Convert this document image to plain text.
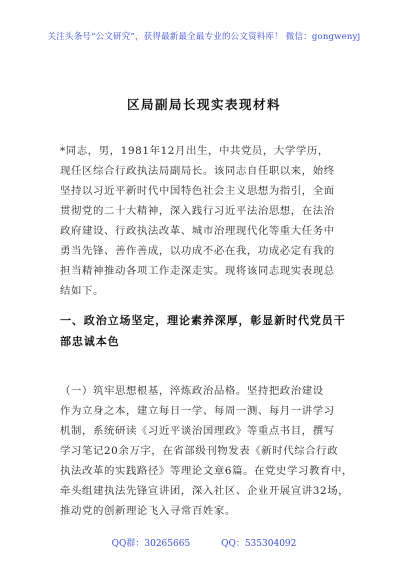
关注头条号“公文研究”，获得最新最全最专业的公文资料库！ 微信：gongwenyj
区局副局长现实表现材料
*同志，男，1981年12月出生，中共党员，大学学历，
现任区综合行政执法局副局长。该同志自任职以来，始终
坚持以习近平新时代中国特色社会主义思想为指引，全面
贯彻党的二十大精神，深入践行习近平法治思想，在法治
政府建设、行政执法改革、城市治理现代化等重大任务中
勇当先锋、善作善成，以功成不必在我，功成必定有我的
担当精神推动各项工作走深走实。现将该同志现实表现总
结如下。
一、政治立场坚定，理论素养深厚，彰显新时代党员干
部忠诚本色
（一）筑牢思想根基，淬炼政治品格。坚持把政治建设
作为立身之本，建立每日一学、每周一测、每月一讲学习
机制，系统研读《习近平谈治国理政》等重点书目，撰写
学习笔记20余万字，在省部级刊物发表《新时代综合行政
执法改革的实践路径》等理论文章6篇。在党史学习教育中，
牵头组建执法先锋宣讲团，深入社区、企业开展宣讲32场，
推动党的创新理论飞入寻常百姓家。
QQ群：30265665	QQ：535304092
